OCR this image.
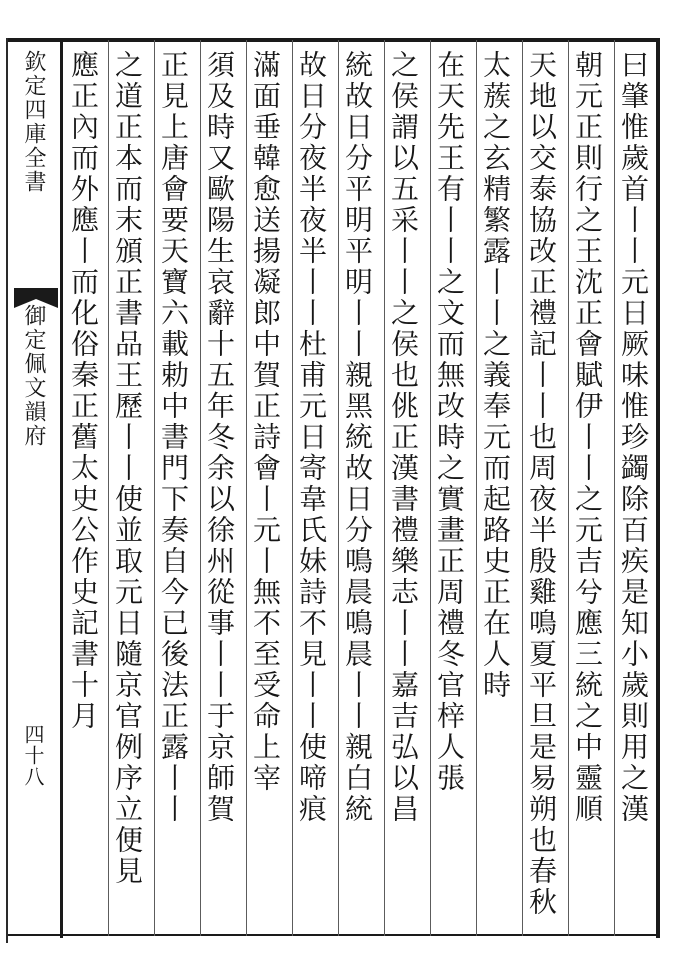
欽定四庫全書
御定佩文韻府
四十八	曰肇惟歲首丨丨元日厥味惟珍蠲除百疾是知小歲則用之漢
朝元正則行之王沈正會賦伊丨丨之元吉兮應三統之中靈順
天地以交泰協改正禮記丨丨也周夜半殷雞鳴夏平旦是易朔也春秋
太蔟之玄精繁露丨丨之義奉元而起路史正在人時
在天先王有丨丨之文而無改時之實畫正周禮冬官梓人張
之侯謂以五采丨丨之侯也佻正漢書禮樂志丨丨嘉吉弘以昌
統故日分平明平明丨丨親黑統故日分鳴晨鳴晨丨丨親白統
故日分夜半夜半丨丨杜甫元日寄韋氏妹詩不見丨丨使啼痕
滿面垂韓愈送揚凝郎中賀正詩會丨元丨無不至受命上宰
須及時又歐陽生哀辭十五年冬余以徐州從事丨丨于京師賀
正見上唐會要天寶六載勅中書門下奏自今已後法正露丨丨
之道正本而末頒正書品王歷丨丨使並取元日隨京官例序立便見
應正內而外應丨而化俗秦正舊太史公作史記書十月
